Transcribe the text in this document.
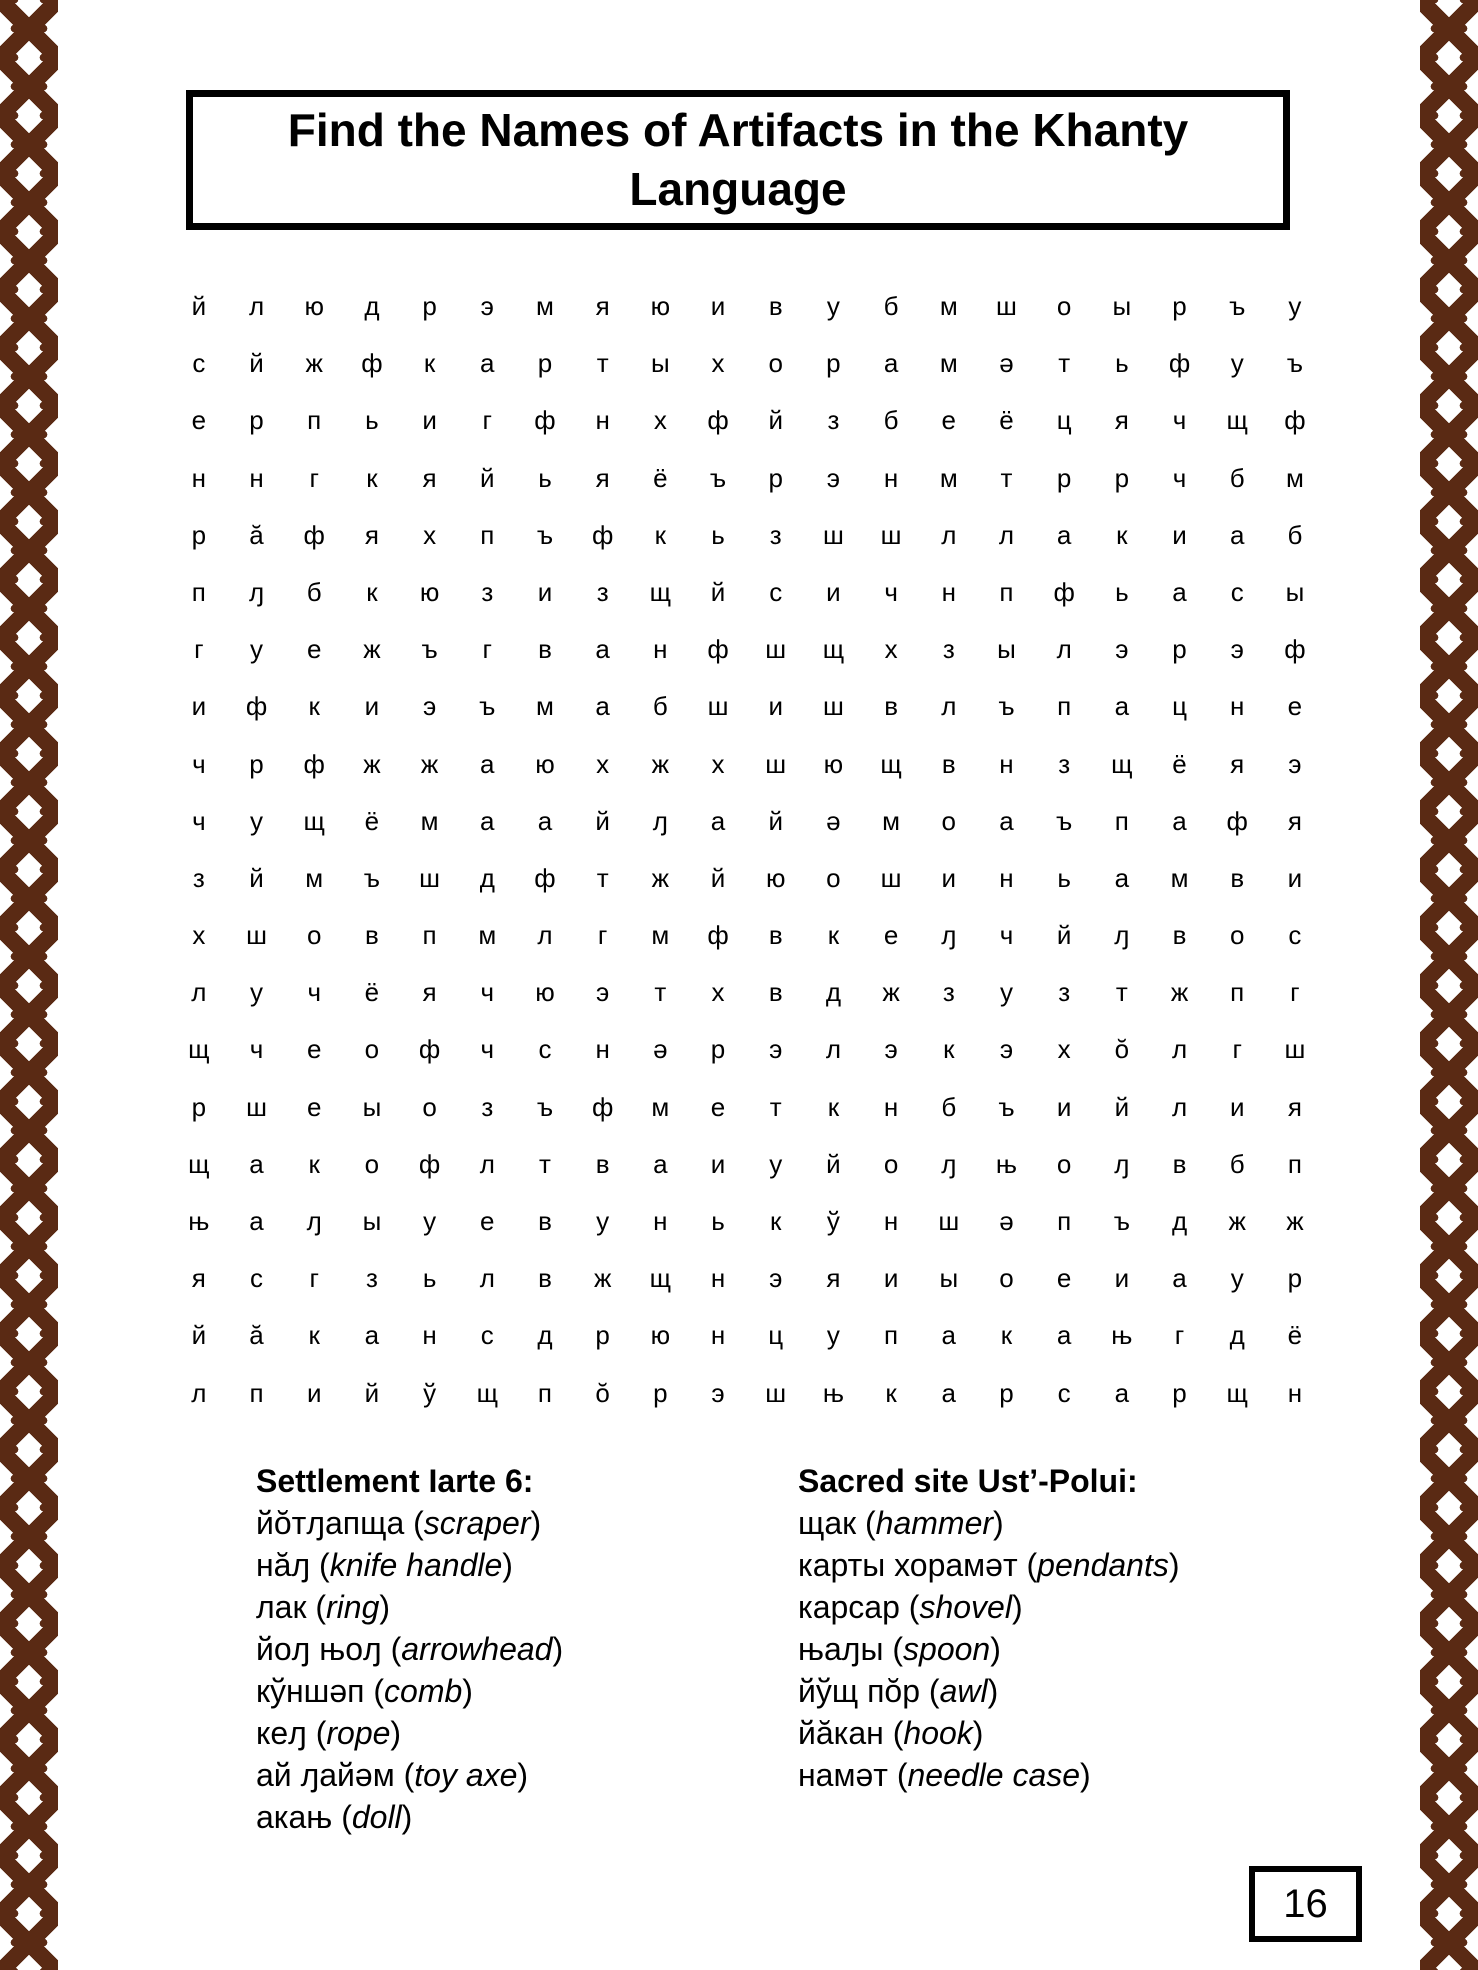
Find the Names of Artifacts in the Khanty Language
й	л	ю	д	р	э	м	я	ю	и	в	у	б	м	ш	о	ы	р	ъ	у
с	й	ж	ф	к	а	р	т	ы	х	о	р	а	м	ә	т	ь	ф	у	ъ
е	р	п	ь	и	г	ф	н	х	ф	й	з	б	е	ё	ц	я	ч	щ	ф
н	н	г	к	я	й	ь	я	ё	ъ	р	э	н	м	т	р	р	ч	б	м
р	ă	ф	я	х	п	ъ	ф	к	ь	з	ш	ш	л	л	а	к	и	а	б
п	ԓ	б	к	ю	з	и	з	щ	й	с	и	ч	н	п	ф	ь	а	с	ы
г	у	е	ж	ъ	г	в	а	н	ф	ш	щ	х	з	ы	л	э	р	э	ф
и	ф	к	и	э	ъ	м	а	б	ш	и	ш	в	л	ъ	п	а	ц	н	е
ч	р	ф	ж	ж	а	ю	х	ж	х	ш	ю	щ	в	н	з	щ	ё	я	э
ч	у	щ	ё	м	а	а	й	ԓ	а	й	ә	м	о	а	ъ	п	а	ф	я
з	й	м	ъ	ш	д	ф	т	ж	й	ю	о	ш	и	н	ь	а	м	в	и
х	ш	о	в	п	м	л	г	м	ф	в	к	е	ԓ	ч	й	ԓ	в	о	с
л	у	ч	ё	я	ч	ю	э	т	х	в	д	ж	з	у	з	т	ж	п	г
щ	ч	е	о	ф	ч	с	н	ә	р	э	л	э	к	э	х	ŏ	л	г	ш
р	ш	е	ы	о	з	ъ	ф	м	е	т	к	н	б	ъ	и	й	л	и	я
щ	а	к	о	ф	л	т	в	а	и	у	й	о	ԓ	њ	о	ԓ	в	б	п
њ	а	ԓ	ы	у	е	в	у	н	ь	к	ў	н	ш	ә	п	ъ	д	ж	ж
я	с	г	з	ь	л	в	ж	щ	н	э	я	и	ы	о	е	и	а	у	р
й	ă	к	а	н	с	д	р	ю	н	ц	у	п	а	к	а	њ	г	д	ё
л	п	и	й	ў	щ	п	ŏ	р	э	ш	њ	к	а	р	с	а	р	щ	н
Settlement Iarte 6:
йŏтԓапща (scraper)
нăԓ (knife handle)
лак (ring)
йоԓ њоԓ (arrowhead)
кўншәп (comb)
кеԓ (rope)
ай ԓайәм (toy axe)
акањ (doll)
Sacred site Ust’-Polui:
щак (hammer)
карты хорамәт (pendants)
карсар (shovel)
њаԓы (spoon)
йўщ пŏр (awl)
йăкан (hook)
намәт (needle case)
16
